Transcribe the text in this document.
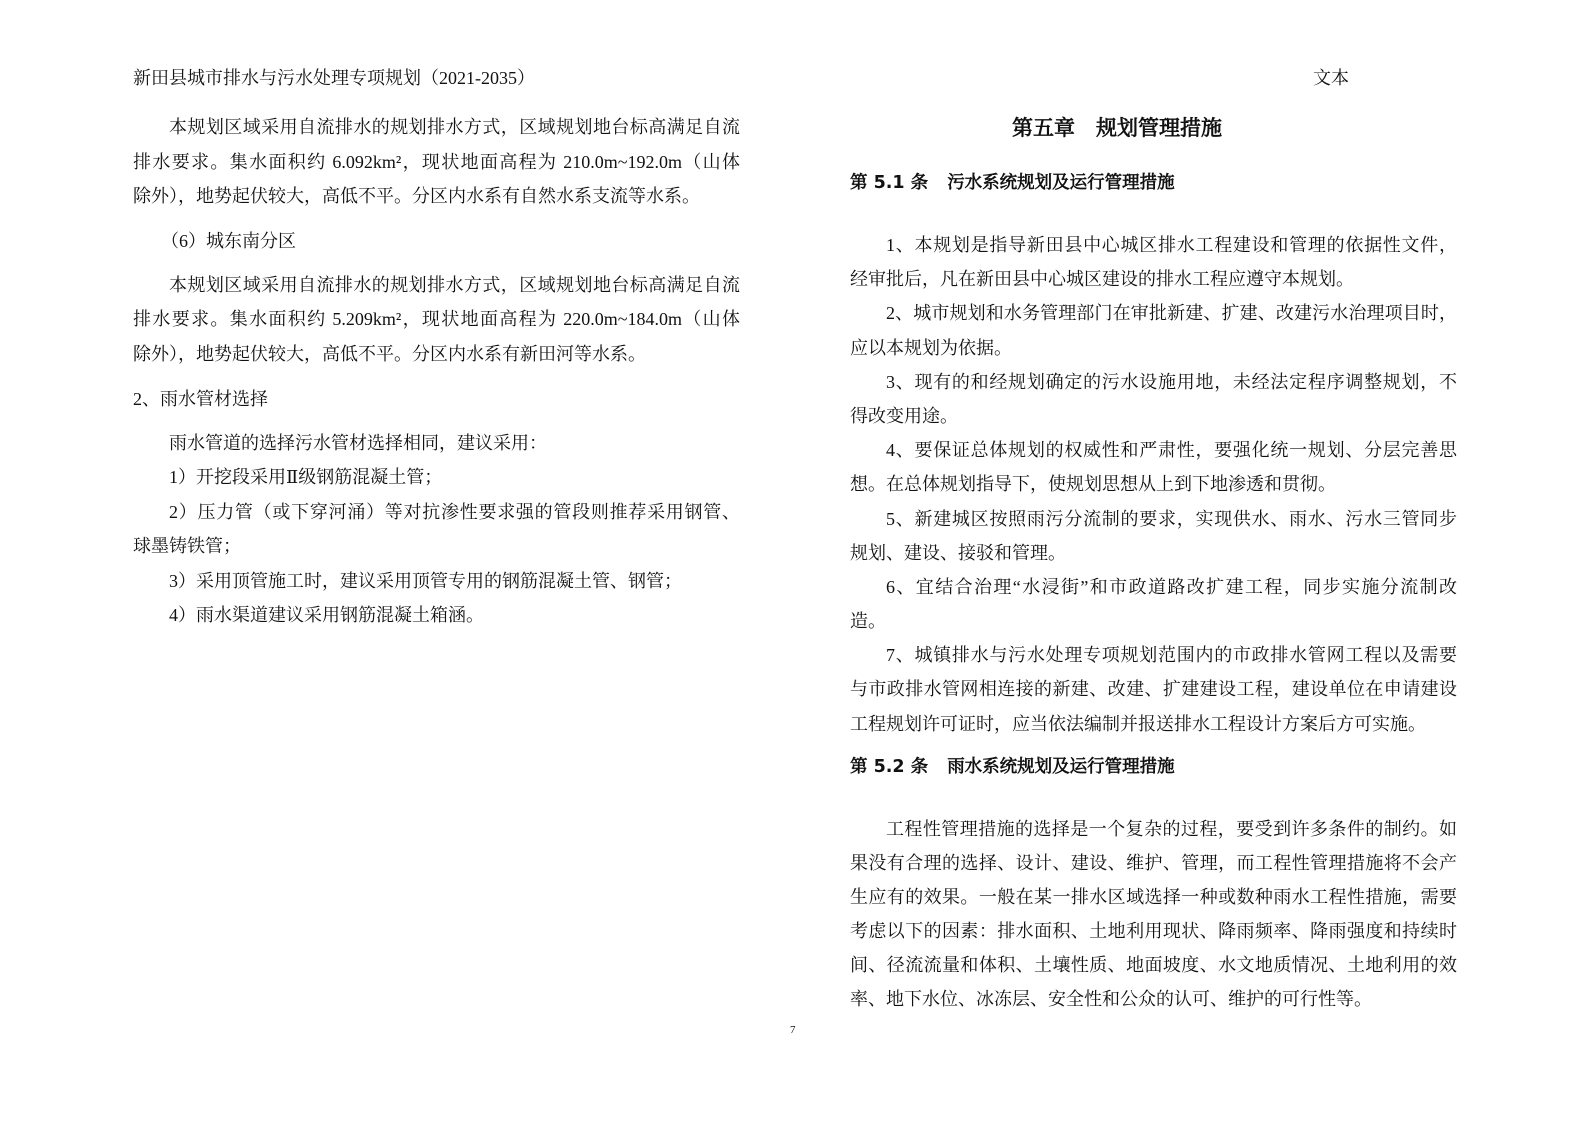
新田县城市排水与污水处理专项规划（2021-2035）	文本
本规划区域采用自流排水的规划排水方式，区域规划地台标高满足自流
排水要求。集水面积约 6.092km²，现状地面高程为 210.0m~192.0m（山体
除外），地势起伏较大，高低不平。分区内水系有自然水系支流等水系。
（6）城东南分区
本规划区域采用自流排水的规划排水方式，区域规划地台标高满足自流
排水要求。集水面积约 5.209km²，现状地面高程为 220.0m~184.0m（山体
除外），地势起伏较大，高低不平。分区内水系有新田河等水系。
2、雨水管材选择
雨水管道的选择污水管材选择相同，建议采用：
1）开挖段采用Ⅱ级钢筋混凝土管；
2）压力管（或下穿河涌）等对抗渗性要求强的管段则推荐采用钢管、
球墨铸铁管；
3）采用顶管施工时，建议采用顶管专用的钢筋混凝土管、钢管；
4）雨水渠道建议采用钢筋混凝土箱涵。
第五章 规划管理措施
第 5.1 条 污水系统规划及运行管理措施
1、本规划是指导新田县中心城区排水工程建设和管理的依据性文件，
经审批后，凡在新田县中心城区建设的排水工程应遵守本规划。
2、城市规划和水务管理部门在审批新建、扩建、改建污水治理项目时，
应以本规划为依据。
3、现有的和经规划确定的污水设施用地，未经法定程序调整规划，不
得改变用途。
4、要保证总体规划的权威性和严肃性，要强化统一规划、分层完善思
想。在总体规划指导下，使规划思想从上到下地渗透和贯彻。
5、新建城区按照雨污分流制的要求，实现供水、雨水、污水三管同步
规划、建设、接驳和管理。
6、宜结合治理“水浸街”和市政道路改扩建工程，同步实施分流制改
造。
7、城镇排水与污水处理专项规划范围内的市政排水管网工程以及需要
与市政排水管网相连接的新建、改建、扩建建设工程，建设单位在申请建设
工程规划许可证时，应当依法编制并报送排水工程设计方案后方可实施。
第 5.2 条 雨水系统规划及运行管理措施
工程性管理措施的选择是一个复杂的过程，要受到许多条件的制约。如
果没有合理的选择、设计、建设、维护、管理，而工程性管理措施将不会产
生应有的效果。一般在某一排水区域选择一种或数种雨水工程性措施，需要
考虑以下的因素：排水面积、土地利用现状、降雨频率、降雨强度和持续时
间、径流流量和体积、土壤性质、地面坡度、水文地质情况、土地利用的效
率、地下水位、冰冻层、安全性和公众的认可、维护的可行性等。
7
